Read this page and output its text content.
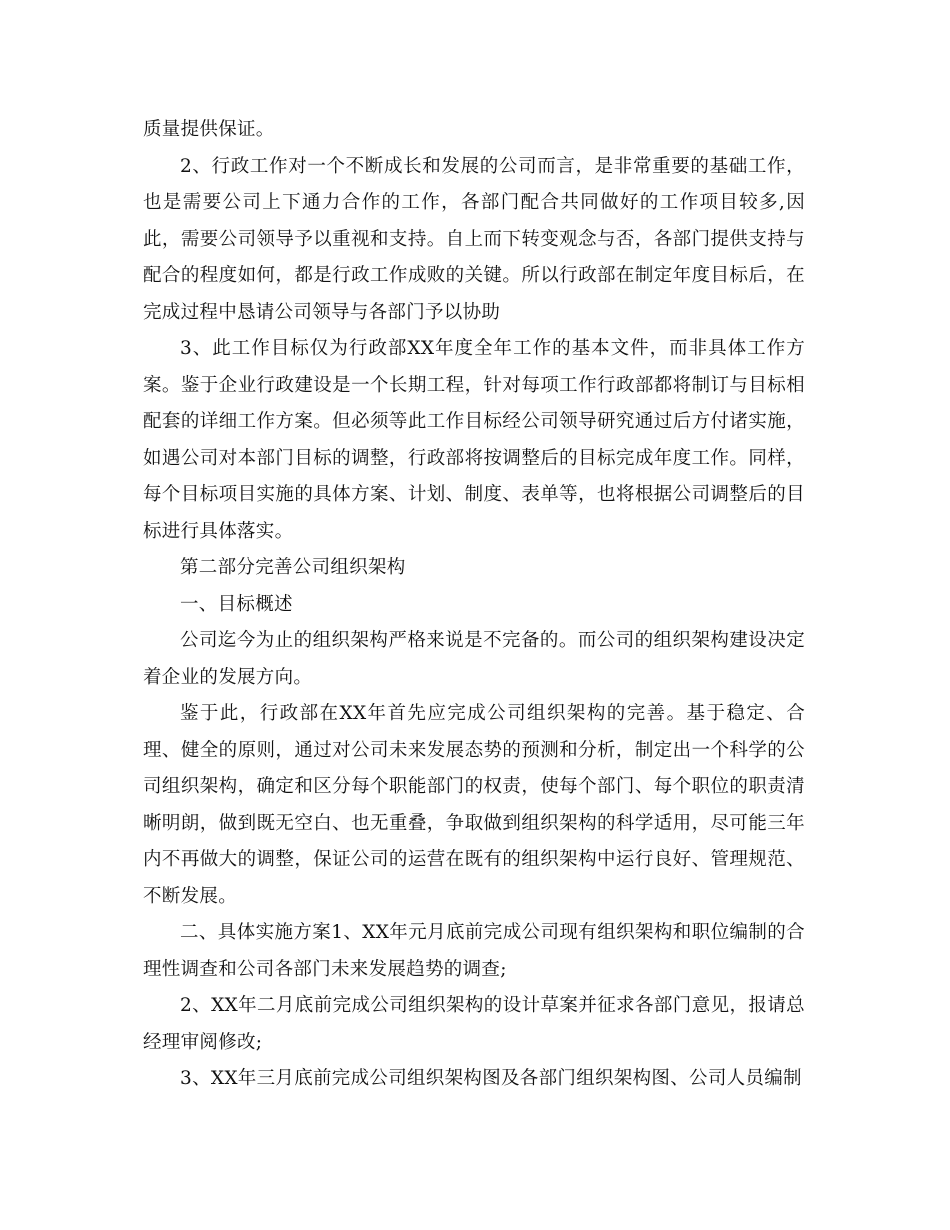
质量提供保证。

2、行政工作对一个不断成长和发展的公司而言，是非常重要的基础工作，也是需要公司上下通力合作的工作，各部门配合共同做好的工作项目较多,因此，需要公司领导予以重视和支持。自上而下转变观念与否，各部门提供支持与配合的程度如何，都是行政工作成败的关键。所以行政部在制定年度目标后，在完成过程中恳请公司领导与各部门予以协助

3、此工作目标仅为行政部XX年度全年工作的基本文件，而非具体工作方案。鉴于企业行政建设是一个长期工程，针对每项工作行政部都将制订与目标相配套的详细工作方案。但必须等此工作目标经公司领导研究通过后方付诸实施，如遇公司对本部门目标的调整，行政部将按调整后的目标完成年度工作。同样，每个目标项目实施的具体方案、计划、制度、表单等，也将根据公司调整后的目标进行具体落实。

第二部分完善公司组织架构

一、目标概述

公司迄今为止的组织架构严格来说是不完备的。而公司的组织架构建设决定着企业的发展方向。

鉴于此，行政部在XX年首先应完成公司组织架构的完善。基于稳定、合理、健全的原则，通过对公司未来发展态势的预测和分析，制定出一个科学的公司组织架构，确定和区分每个职能部门的权责，使每个部门、每个职位的职责清晰明朗，做到既无空白、也无重叠，争取做到组织架构的科学适用，尽可能三年内不再做大的调整，保证公司的运营在既有的组织架构中运行良好、管理规范、不断发展。

二、具体实施方案1、XX年元月底前完成公司现有组织架构和职位编制的合理性调查和公司各部门未来发展趋势的调查;

2、XX年二月底前完成公司组织架构的设计草案并征求各部门意见，报请总经理审阅修改;

3、XX年三月底前完成公司组织架构图及各部门组织架构图、公司人员编制
